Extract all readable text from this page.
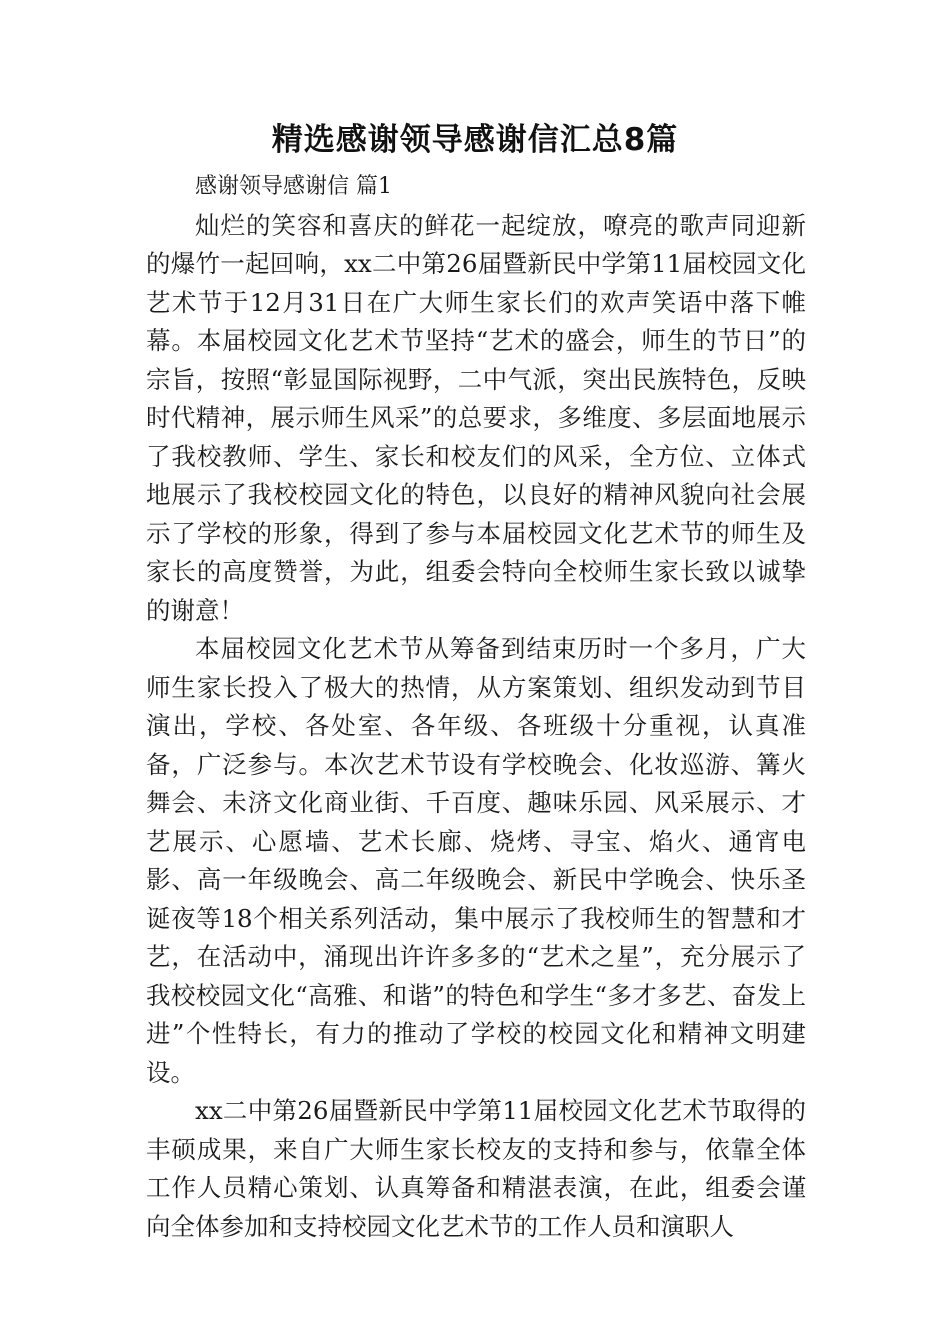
精选感谢领导感谢信汇总8篇

感谢领导感谢信 篇1

灿烂的笑容和喜庆的鲜花一起绽放，嘹亮的歌声同迎新的爆竹一起回响，xx二中第26届暨新民中学第11届校园文化艺术节于12月31日在广大师生家长们的欢声笑语中落下帷幕。本届校园文化艺术节坚持“艺术的盛会，师生的节日”的宗旨，按照“彰显国际视野，二中气派，突出民族特色，反映时代精神，展示师生风采”的总要求，多维度、多层面地展示了我校教师、学生、家长和校友们的风采，全方位、立体式地展示了我校校园文化的特色，以良好的精神风貌向社会展示了学校的形象，得到了参与本届校园文化艺术节的师生及家长的高度赞誉，为此，组委会特向全校师生家长致以诚挚的谢意！

本届校园文化艺术节从筹备到结束历时一个多月，广大师生家长投入了极大的热情，从方案策划、组织发动到节目演出，学校、各处室、各年级、各班级十分重视，认真准备，广泛参与。本次艺术节设有学校晚会、化妆巡游、篝火舞会、未济文化商业街、千百度、趣味乐园、风采展示、才艺展示、心愿墙、艺术长廊、烧烤、寻宝、焰火、通宵电影、高一年级晚会、高二年级晚会、新民中学晚会、快乐圣诞夜等18个相关系列活动，集中展示了我校师生的智慧和才艺，在活动中，涌现出许许多多的“艺术之星”，充分展示了我校校园文化“高雅、和谐”的特色和学生“多才多艺、奋发上进”个性特长，有力的推动了学校的校园文化和精神文明建设。

xx二中第26届暨新民中学第11届校园文化艺术节取得的丰硕成果，来自广大师生家长校友的支持和参与，依靠全体工作人员精心策划、认真筹备和精湛表演，在此，组委会谨向全体参加和支持校园文化艺术节的工作人员和演职人
